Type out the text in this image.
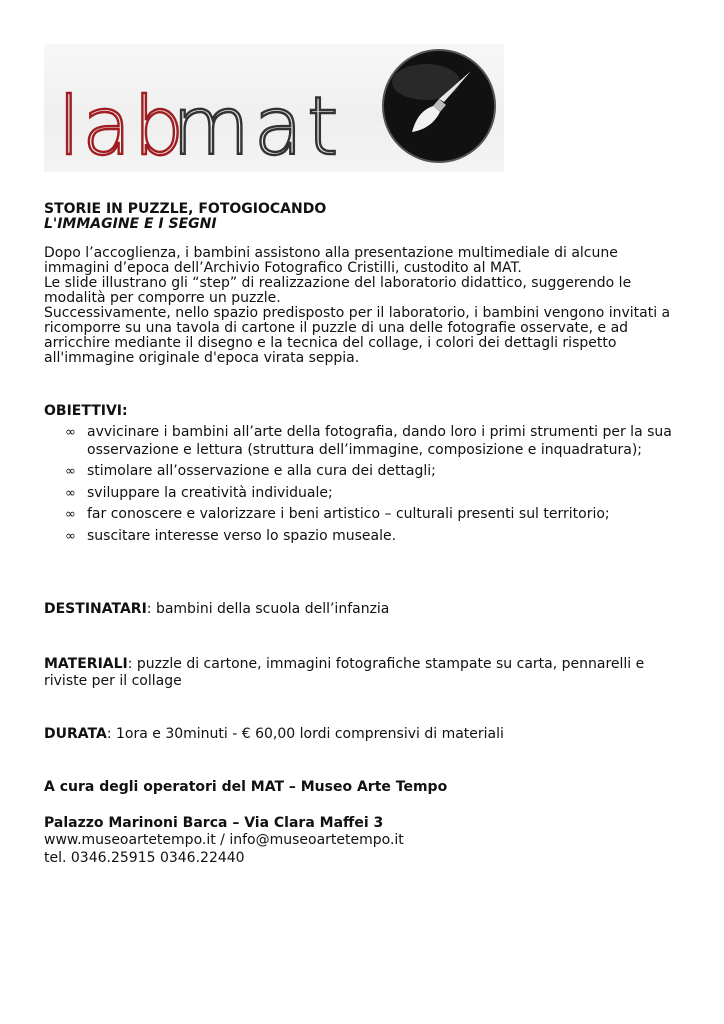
lab
mat
STORIE IN PUZZLE, FOTOGIOCANDO
L'IMMAGINE E I SEGNI
Dopo l’accoglienza, i bambini assistono alla presentazione multimediale di alcune immagini d’epoca dell’Archivio Fotografico Cristilli, custodito al MAT.
Le slide illustrano gli “step” di realizzazione del laboratorio didattico, suggerendo le modalità per comporre un puzzle.
Successivamente, nello spazio predisposto per il laboratorio, i bambini vengono invitati a ricomporre su una tavola di cartone il puzzle di una delle fotografie osservate, e ad arricchire mediante il disegno e la tecnica del collage, i colori dei dettagli rispetto all'immagine originale d'epoca virata seppia.
OBIETTIVI:
∞ avvicinare i bambini all’arte della fotografia, dando loro i primi strumenti per la sua osservazione e lettura (struttura dell’immagine, composizione e inquadratura);
∞ stimolare all’osservazione e alla cura dei dettagli;
∞ sviluppare la creatività individuale;
∞ far conoscere e valorizzare i beni artistico – culturali presenti sul territorio;
∞ suscitare interesse verso lo spazio museale.
DESTINATARI: bambini della scuola dell’infanzia
MATERIALI: puzzle di cartone, immagini fotografiche stampate su carta, pennarelli e riviste per il collage
DURATA: 1ora e 30minuti - € 60,00 lordi comprensivi di materiali
A cura degli operatori del MAT – Museo Arte Tempo
Palazzo Marinoni Barca – Via Clara Maffei 3
www.museoartetempo.it / info@museoartetempo.it
tel. 0346.25915 0346.22440
